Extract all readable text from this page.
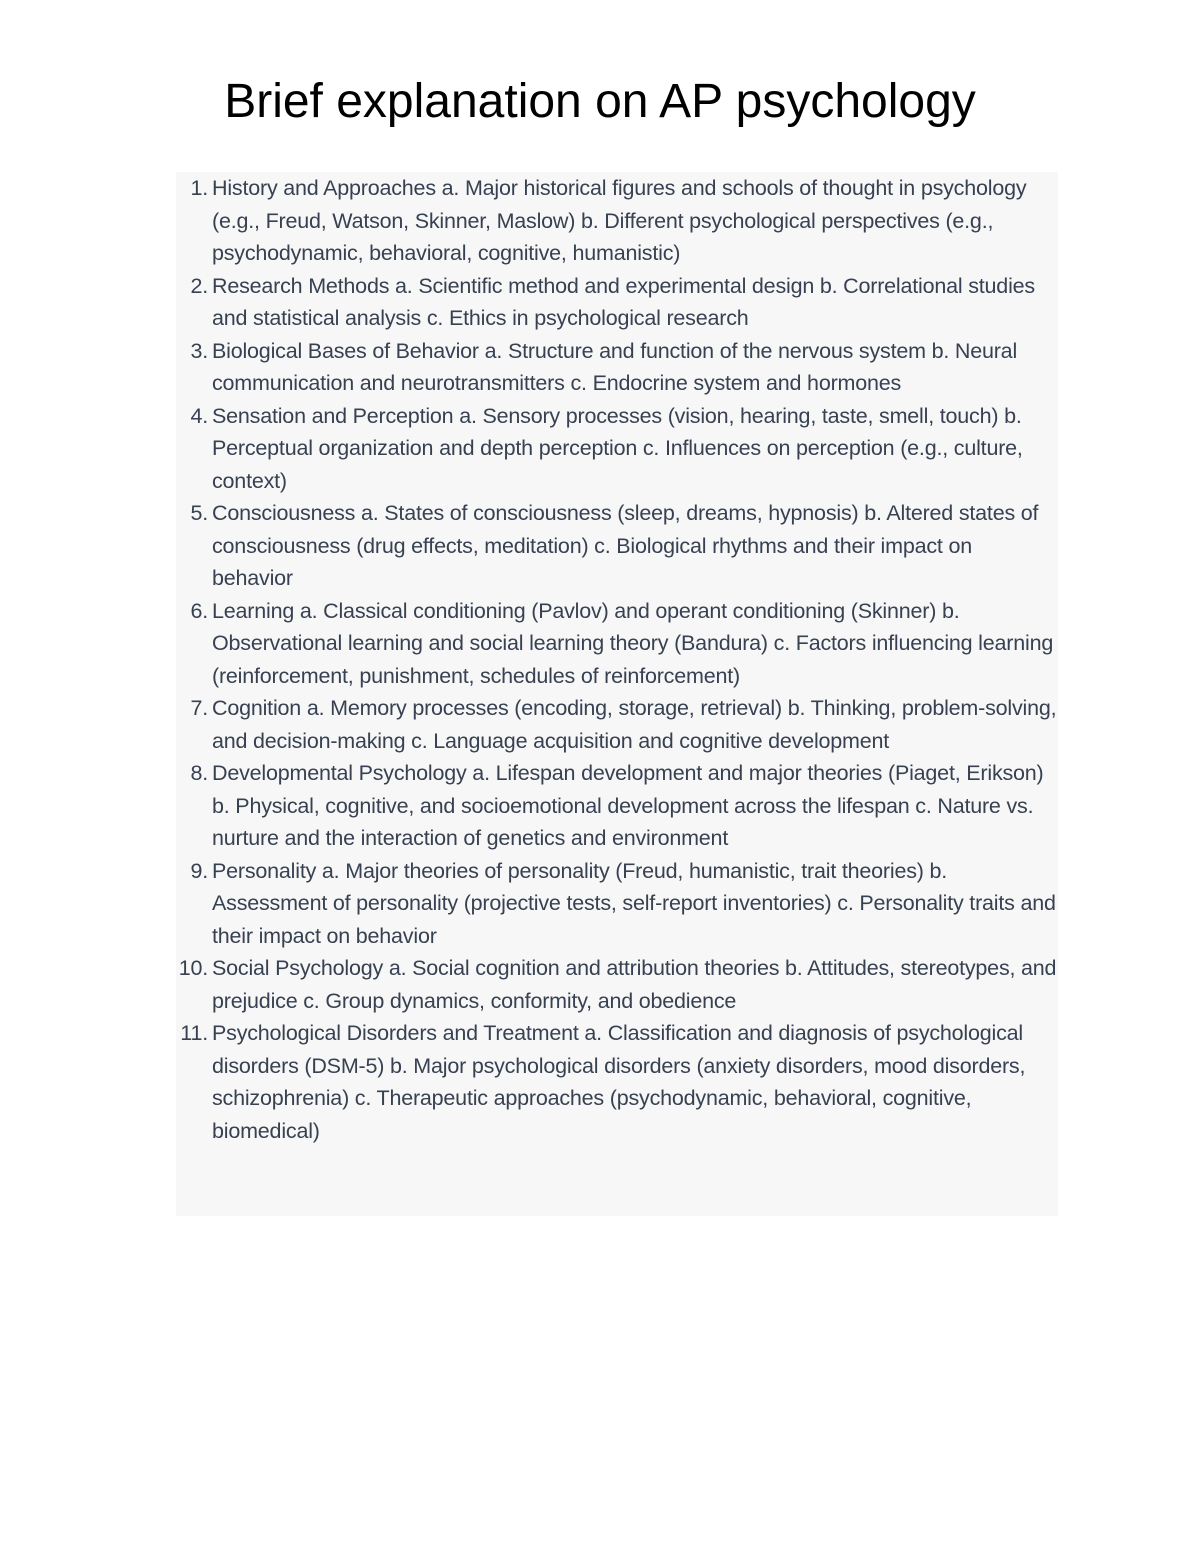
Brief explanation on AP psychology
1. History and Approaches a. Major historical figures and schools of thought in psychology (e.g., Freud, Watson, Skinner, Maslow) b. Different psychological perspectives (e.g., psychodynamic, behavioral, cognitive, humanistic)
2. Research Methods a. Scientific method and experimental design b. Correlational studies and statistical analysis c. Ethics in psychological research
3. Biological Bases of Behavior a. Structure and function of the nervous system b. Neural communication and neurotransmitters c. Endocrine system and hormones
4. Sensation and Perception a. Sensory processes (vision, hearing, taste, smell, touch) b. Perceptual organization and depth perception c. Influences on perception (e.g., culture, context)
5. Consciousness a. States of consciousness (sleep, dreams, hypnosis) b. Altered states of consciousness (drug effects, meditation) c. Biological rhythms and their impact on behavior
6. Learning a. Classical conditioning (Pavlov) and operant conditioning (Skinner) b. Observational learning and social learning theory (Bandura) c. Factors influencing learning (reinforcement, punishment, schedules of reinforcement)
7. Cognition a. Memory processes (encoding, storage, retrieval) b. Thinking, problem-solving, and decision-making c. Language acquisition and cognitive development
8. Developmental Psychology a. Lifespan development and major theories (Piaget, Erikson) b. Physical, cognitive, and socioemotional development across the lifespan c. Nature vs. nurture and the interaction of genetics and environment
9. Personality a. Major theories of personality (Freud, humanistic, trait theories) b. Assessment of personality (projective tests, self-report inventories) c. Personality traits and their impact on behavior
10. Social Psychology a. Social cognition and attribution theories b. Attitudes, stereotypes, and prejudice c. Group dynamics, conformity, and obedience
11. Psychological Disorders and Treatment a. Classification and diagnosis of psychological disorders (DSM-5) b. Major psychological disorders (anxiety disorders, mood disorders, schizophrenia) c. Therapeutic approaches (psychodynamic, behavioral, cognitive, biomedical)
